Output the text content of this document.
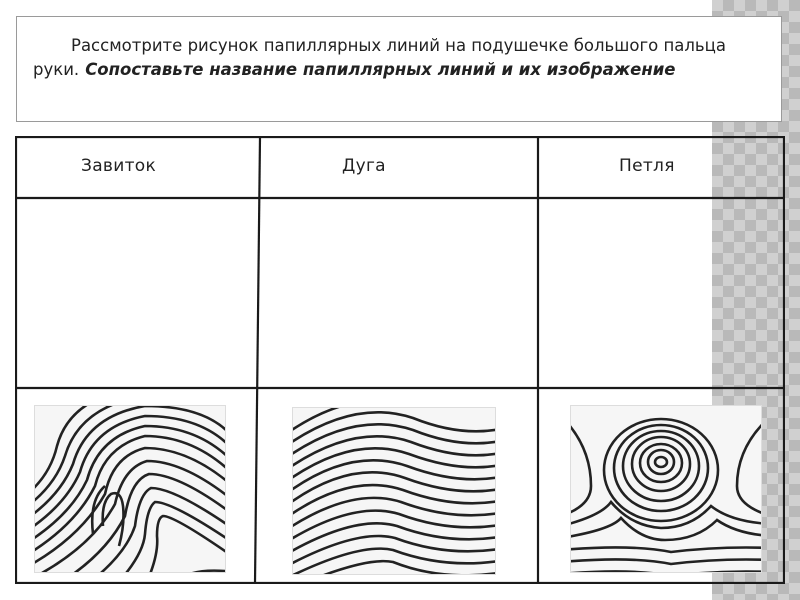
Рассмотрите рисунок папиллярных линий на подушечке большого пальца руки. Сопоставьте название папиллярных линий и их изображение
Завиток	Дуга	Петля
